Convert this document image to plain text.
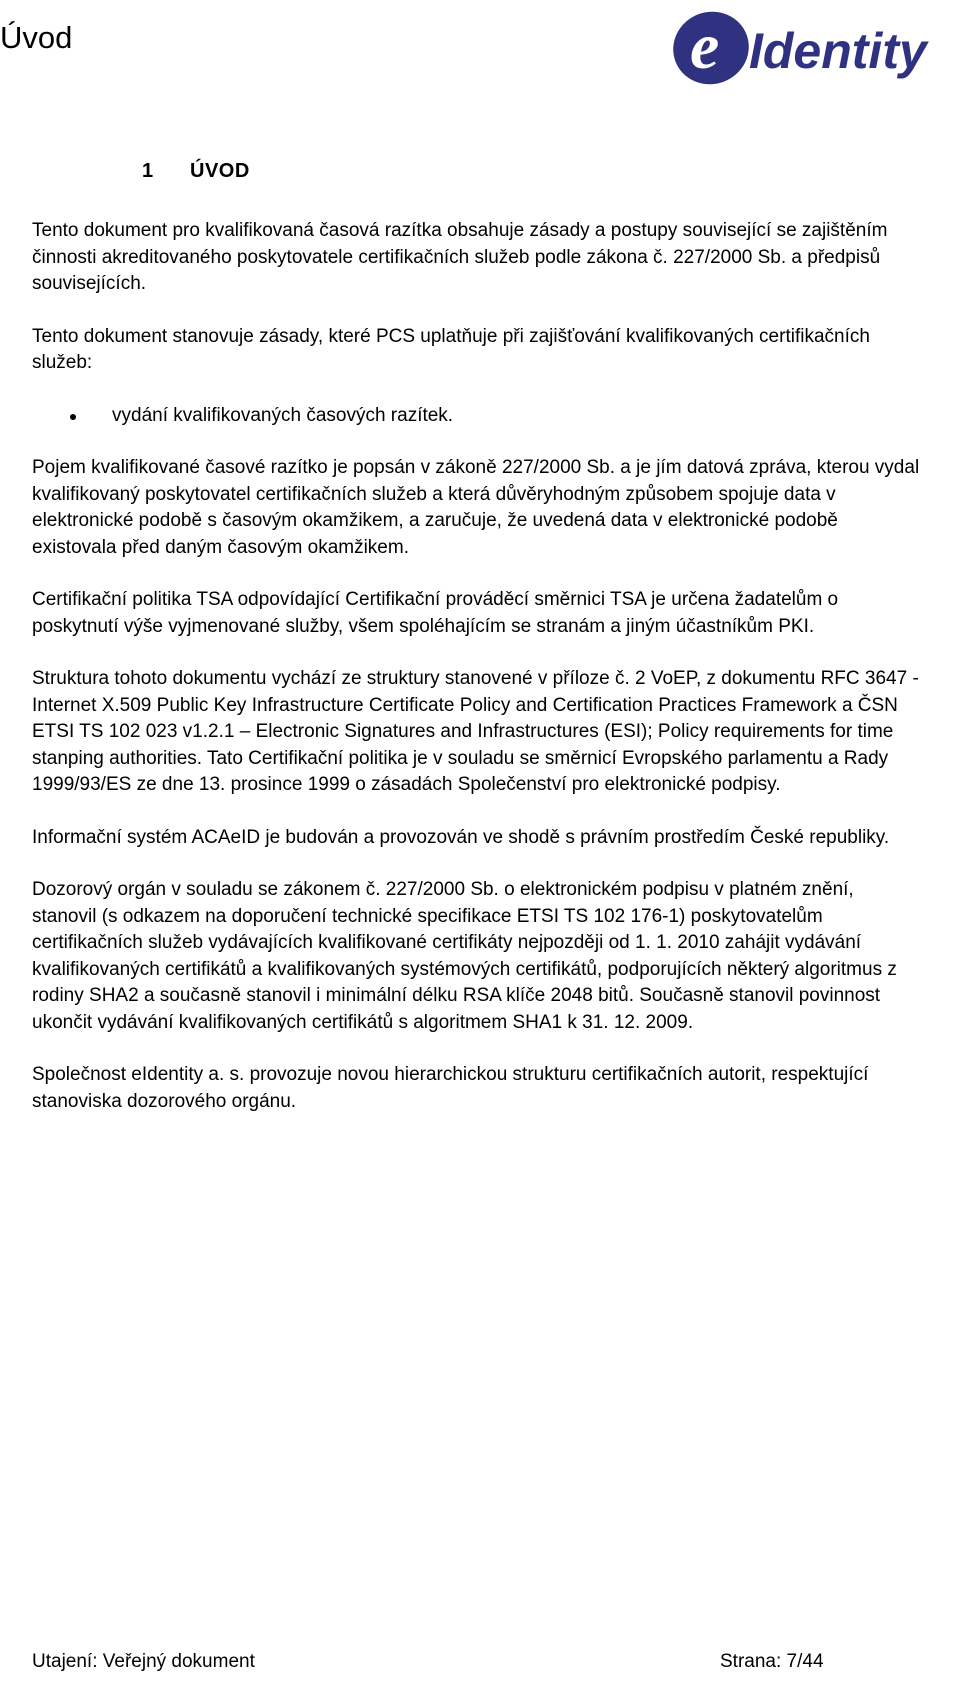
Úvod	e Identity
1 ÚVOD

Tento dokument pro kvalifikovaná časová razítka obsahuje zásady a postupy související se zajištěním činnosti akreditovaného poskytovatele certifikačních služeb podle zákona č. 227/2000 Sb. a předpisů souvisejících.

Tento dokument stanovuje zásady, které PCS uplatňuje při zajišťování kvalifikovaných certifikačních služeb:

vydání kvalifikovaných časových razítek.

Pojem kvalifikované časové razítko je popsán v zákoně 227/2000 Sb. a je jím datová zpráva, kterou vydal kvalifikovaný poskytovatel certifikačních služeb a která důvěryhodným způsobem spojuje data v elektronické podobě s časovým okamžikem, a zaručuje, že uvedená data v elektronické podobě existovala před daným časovým okamžikem.

Certifikační politika TSA odpovídající Certifikační prováděcí směrnici TSA je určena žadatelům o poskytnutí výše vyjmenované služby, všem spoléhajícím se stranám a jiným účastníkům PKI.

Struktura tohoto dokumentu vychází ze struktury stanovené v příloze č. 2 VoEP, z dokumentu RFC 3647 - Internet X.509 Public Key Infrastructure Certificate Policy and Certification Practices Framework a ČSN ETSI TS 102 023 v1.2.1 – Electronic Signatures and Infrastructures (ESI); Policy requirements for time stanping authorities. Tato Certifikační politika je v souladu se směrnicí Evropského parlamentu a Rady 1999/93/ES ze dne 13. prosince 1999 o zásadách Společenství pro elektronické podpisy.

Informační systém ACAeID je budován a provozován ve shodě s právním prostředím České republiky.

Dozorový orgán v souladu se zákonem č. 227/2000 Sb. o elektronickém podpisu v platném znění, stanovil (s odkazem na doporučení technické specifikace ETSI TS 102 176-1) poskytovatelům certifikačních služeb vydávajících kvalifikované certifikáty nejpozději od 1. 1. 2010 zahájit vydávání kvalifikovaných certifikátů a kvalifikovaných systémových certifikátů, podporujících některý algoritmus z rodiny SHA2 a současně stanovil i minimální délku RSA klíče 2048 bitů. Současně stanovil povinnost ukončit vydávání kvalifikovaných certifikátů s algoritmem SHA1 k 31. 12. 2009.

Společnost eIdentity a. s. provozuje novou hierarchickou strukturu certifikačních autorit, respektující stanoviska dozorového orgánu.

Utajení: Veřejný dokument	Strana: 7/44
